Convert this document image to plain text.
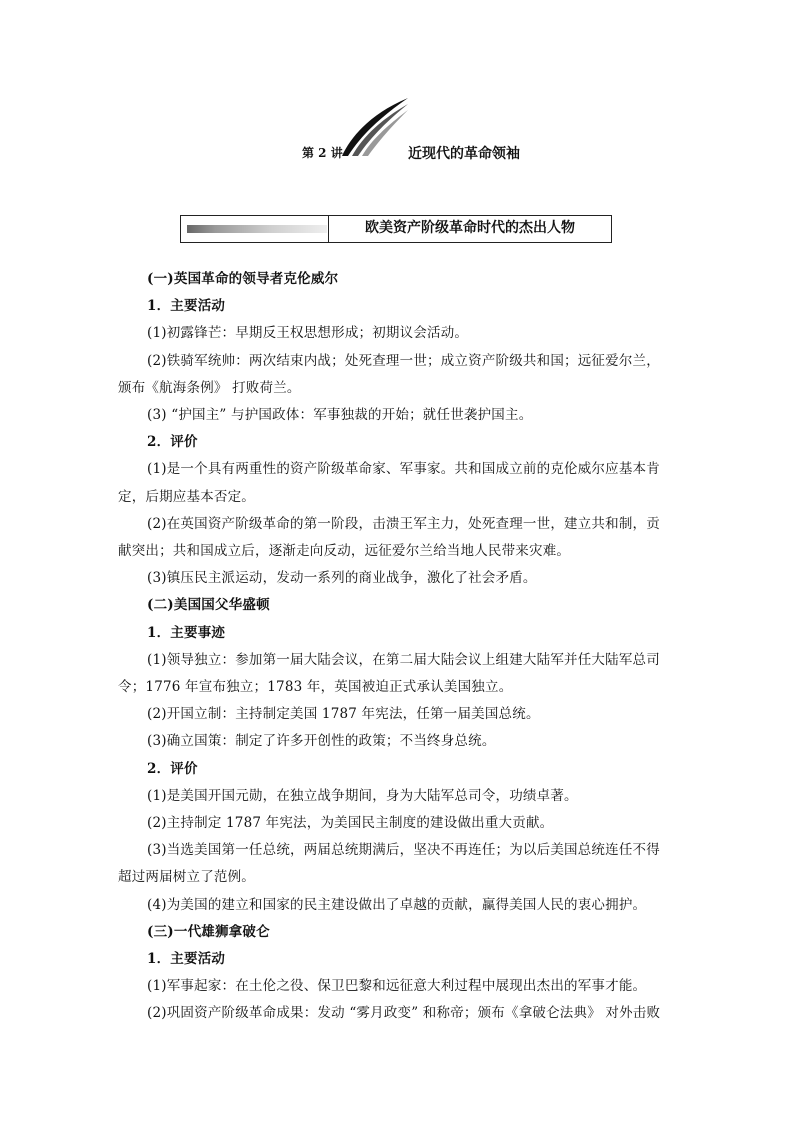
第 2 讲	近现代的革命领袖
欧美资产阶级革命时代的杰出人物
(一)英国革命的领导者克伦威尔
1．主要活动
(1)初露锋芒：早期反王权思想形成；初期议会活动。
(2)铁骑军统帅：两次结束内战；处死查理一世；成立资产阶级共和国；远征爱尔兰，
颁布《航海条例》 打败荷兰。
(3) “护国主” 与护国政体：军事独裁的开始；就任世袭护国主。
2．评价
(1)是一个具有两重性的资产阶级革命家、军事家。共和国成立前的克伦威尔应基本肯
定，后期应基本否定。
(2)在英国资产阶级革命的第一阶段，击溃王军主力，处死查理一世，建立共和制，贡
献突出；共和国成立后，逐渐走向反动，远征爱尔兰给当地人民带来灾难。
(3)镇压民主派运动，发动一系列的商业战争，激化了社会矛盾。
(二)美国国父华盛顿
1．主要事迹
(1)领导独立：参加第一届大陆会议，在第二届大陆会议上组建大陆军并任大陆军总司
令；1776 年宣布独立；1783 年，英国被迫正式承认美国独立。
(2)开国立制：主持制定美国 1787 年宪法，任第一届美国总统。
(3)确立国策：制定了许多开创性的政策；不当终身总统。
2．评价
(1)是美国开国元勋，在独立战争期间，身为大陆军总司令，功绩卓著。
(2)主持制定 1787 年宪法，为美国民主制度的建设做出重大贡献。
(3)当选美国第一任总统，两届总统期满后，坚决不再连任；为以后美国总统连任不得
超过两届树立了范例。
(4)为美国的建立和国家的民主建设做出了卓越的贡献，赢得美国人民的衷心拥护。
(三)一代雄狮拿破仑
1．主要活动
(1)军事起家：在土伦之役、保卫巴黎和远征意大利过程中展现出杰出的军事才能。
(2)巩固资产阶级革命成果：发动 “雾月政变” 和称帝；颁布《拿破仑法典》 对外击败
